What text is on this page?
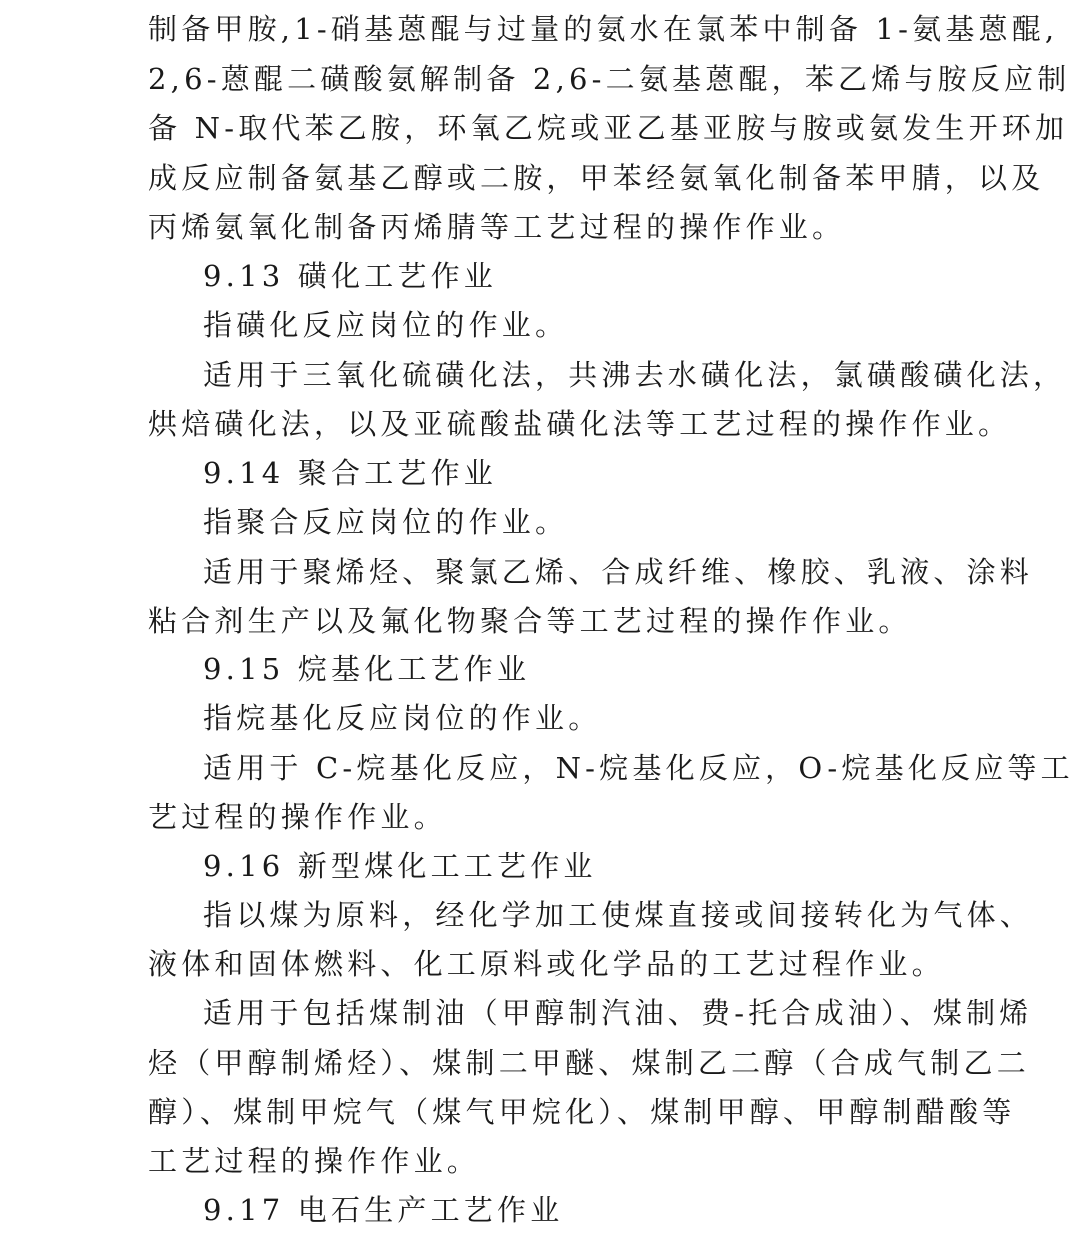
制备甲胺,1-硝基蒽醌与过量的氨水在氯苯中制备 1-氨基蒽醌,
2,6-蒽醌二磺酸氨解制备 2,6-二氨基蒽醌，苯乙烯与胺反应制
备 N-取代苯乙胺，环氧乙烷或亚乙基亚胺与胺或氨发生开环加
成反应制备氨基乙醇或二胺，甲苯经氨氧化制备苯甲腈，以及
丙烯氨氧化制备丙烯腈等工艺过程的操作作业。
9.13 磺化工艺作业
指磺化反应岗位的作业。
适用于三氧化硫磺化法，共沸去水磺化法，氯磺酸磺化法，
烘焙磺化法，以及亚硫酸盐磺化法等工艺过程的操作作业。
9.14 聚合工艺作业
指聚合反应岗位的作业。
适用于聚烯烃、聚氯乙烯、合成纤维、橡胶、乳液、涂料
粘合剂生产以及氟化物聚合等工艺过程的操作作业。
9.15 烷基化工艺作业
指烷基化反应岗位的作业。
适用于 C-烷基化反应，N-烷基化反应，O-烷基化反应等工
艺过程的操作作业。
9.16 新型煤化工工艺作业
指以煤为原料，经化学加工使煤直接或间接转化为气体、
液体和固体燃料、化工原料或化学品的工艺过程作业。
适用于包括煤制油（甲醇制汽油、费-托合成油）、煤制烯
烃（甲醇制烯烃）、煤制二甲醚、煤制乙二醇（合成气制乙二
醇）、煤制甲烷气（煤气甲烷化）、煤制甲醇、甲醇制醋酸等
工艺过程的操作作业。
9.17 电石生产工艺作业
